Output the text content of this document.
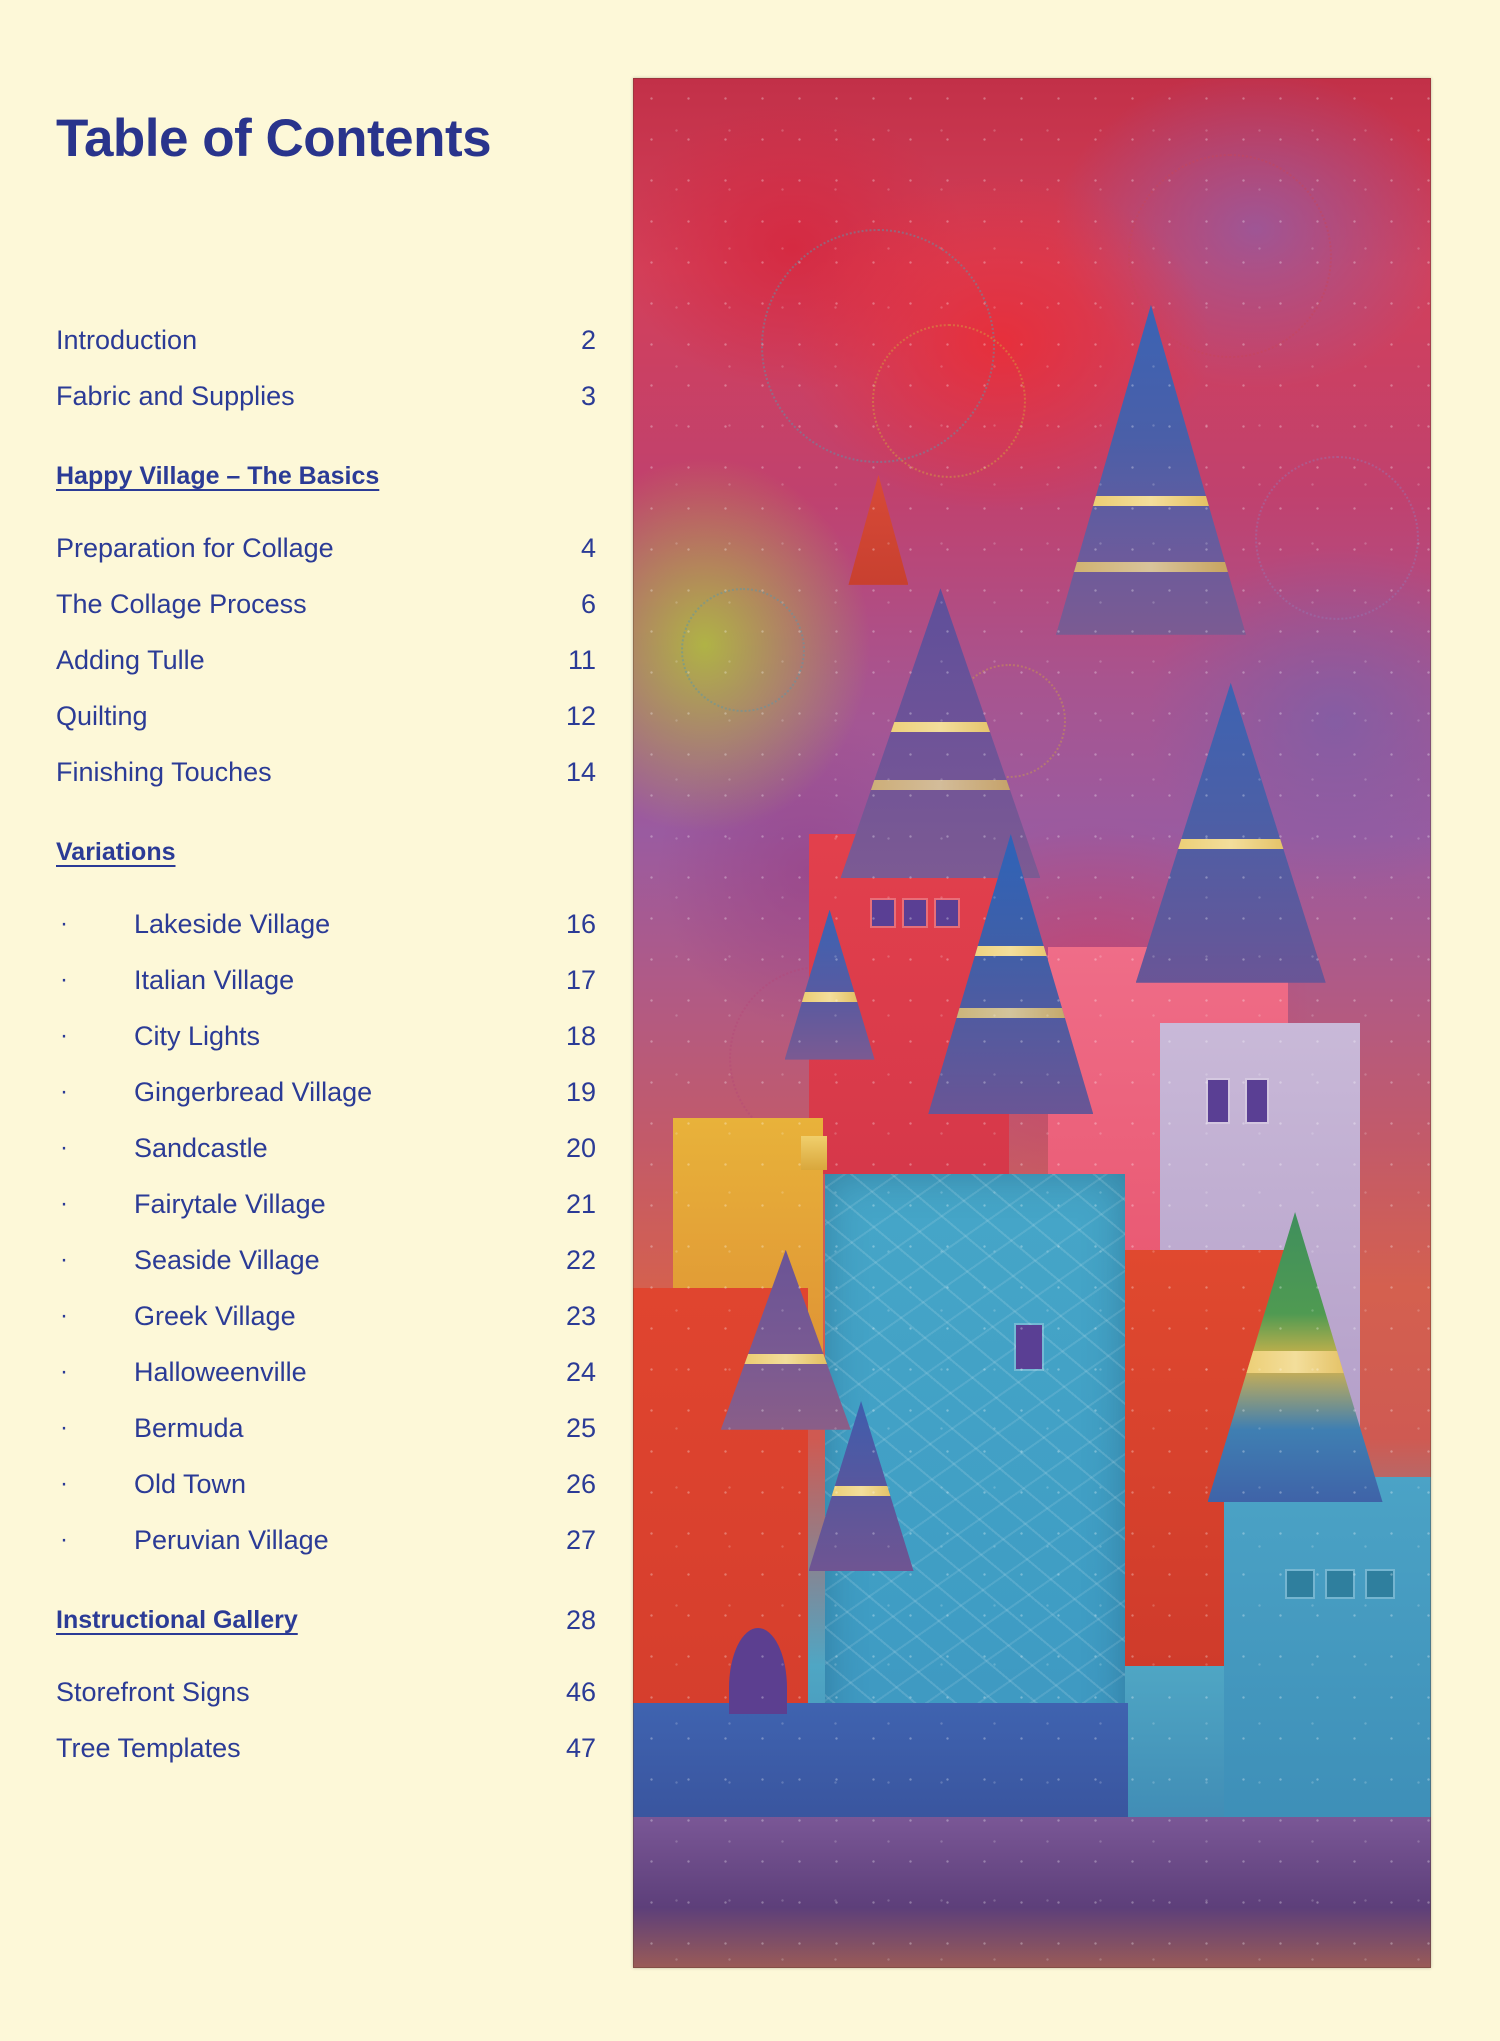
Table of Contents
Introduction	2
Fabric and Supplies	3
Happy Village – The Basics
Preparation for Collage	4
The Collage Process	6
Adding Tulle	11
Quilting	12
Finishing Touches	14
Variations
· Lakeside Village	16
· Italian Village	17
· City Lights	18
· Gingerbread Village	19
· Sandcastle	20
· Fairytale Village	21
· Seaside Village	22
· Greek Village	23
· Halloweenville	24
· Bermuda	25
· Old Town	26
· Peruvian Village	27
Instructional Gallery	28
Storefront Signs	46
Tree Templates	47
